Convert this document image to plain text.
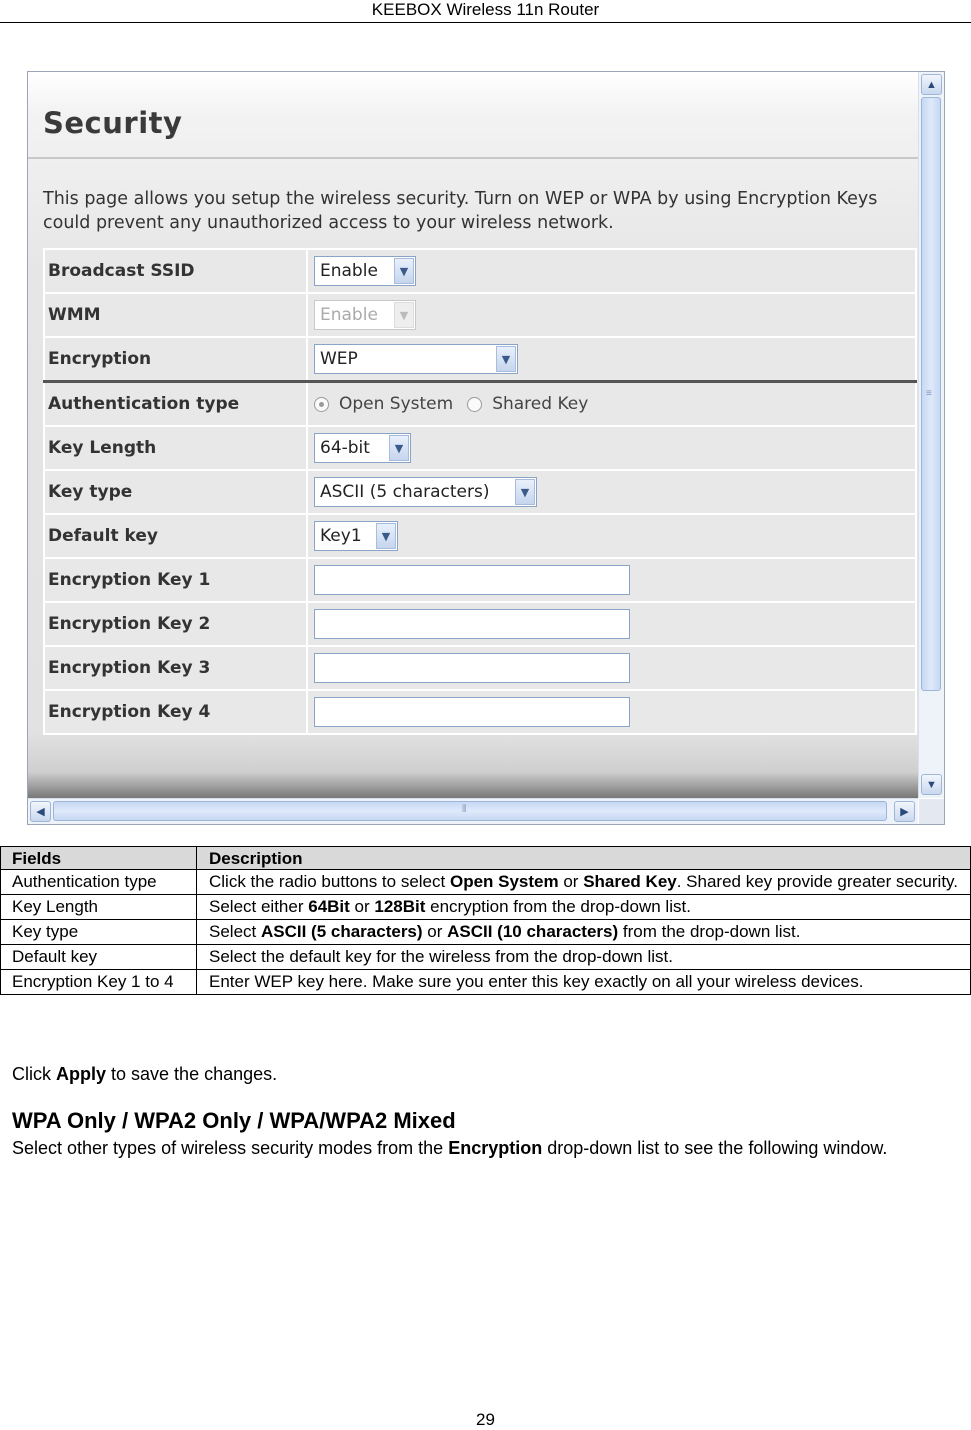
KEEBOX Wireless 11n Router
Security
This page allows you setup the wireless security. Turn on WEP or WPA by using Encryption Keys could prevent any unauthorized access to your wireless network.
Broadcast SSID	Enable ▼

WMM	Enable ▼

Encryption	WEP ▼

Authentication type	Open System Shared Key

Key Length	64-bit ▼

Key type	ASCII (5 characters) ▼

Default key	Key1 ▼

Encryption Key 1	
Encryption Key 2	
Encryption Key 3	
Encryption Key 4	
▲
≡
▼
◀	⦀	▶
Fields	Description
Authentication type	Click the radio buttons to select Open System or Shared Key. Shared key provide greater security.
Key Length	Select either 64Bit or 128Bit encryption from the drop-down list.
Key type	Select ASCII (5 characters) or ASCII (10 characters) from the drop-down list.
Default key	Select the default key for the wireless from the drop-down list.
Encryption Key 1 to 4	Enter WEP key here. Make sure you enter this key exactly on all your wireless devices.
Click Apply to save the changes.
WPA Only / WPA2 Only / WPA/WPA2 Mixed
Select other types of wireless security modes from the Encryption drop-down list to see the following window.
29
